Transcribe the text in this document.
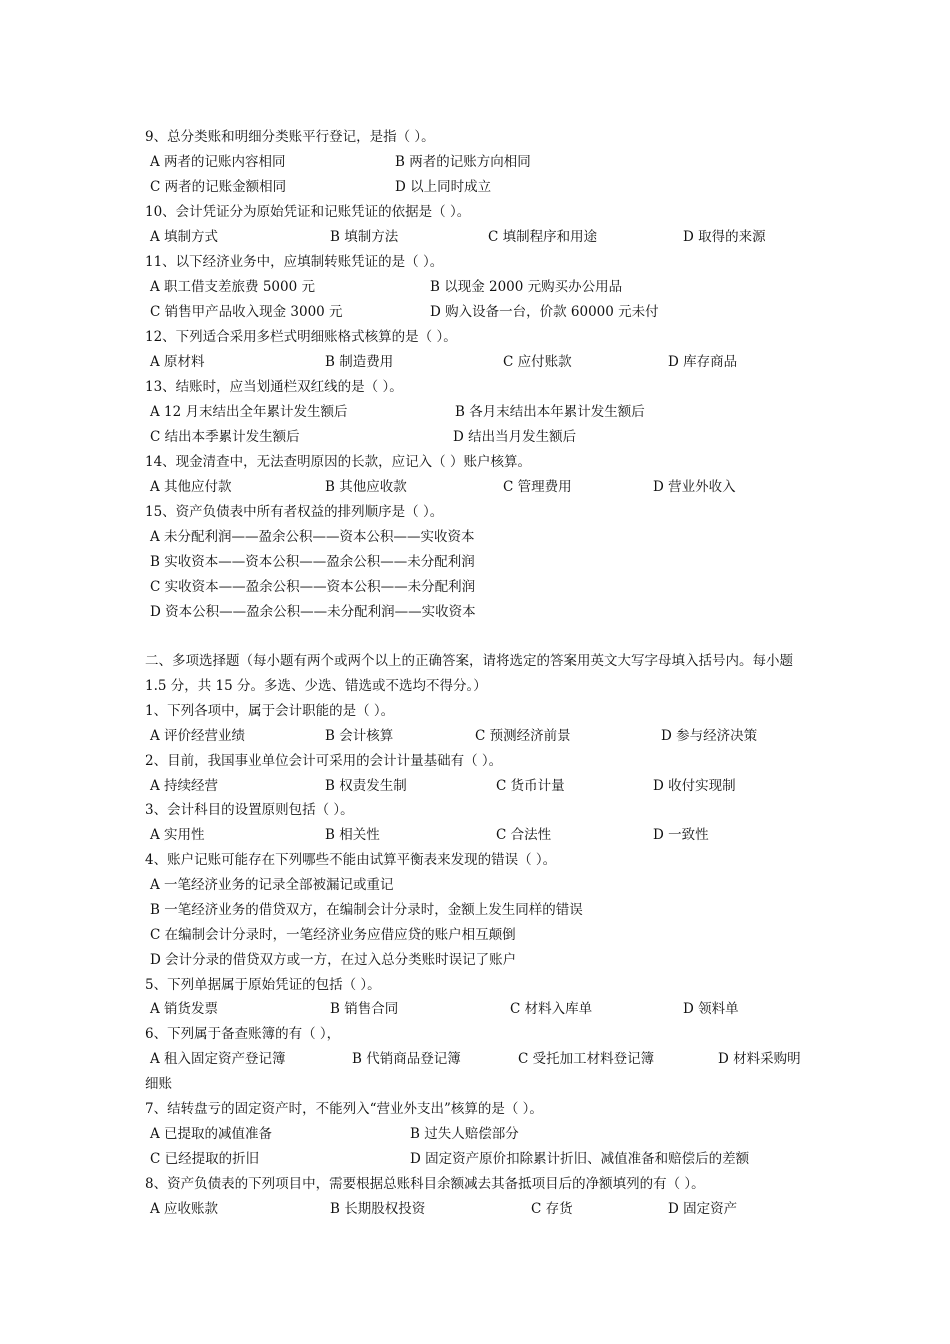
9、总分类账和明细分类账平行登记，是指（ ）。
A 两者的记账内容相同	B 两者的记账方向相同
C 两者的记账金额相同	D 以上同时成立
10、会计凭证分为原始凭证和记账凭证的依据是（ ）。
A 填制方式	B 填制方法	C 填制程序和用途	D 取得的来源
11、以下经济业务中，应填制转账凭证的是（ ）。
A 职工借支差旅费 5000 元	B 以现金 2000 元购买办公用品
C 销售甲产品收入现金 3000 元	D 购入设备一台，价款 60000 元未付
12、下列适合采用多栏式明细账格式核算的是（ ）。
A 原材料	B 制造费用	C 应付账款	D 库存商品
13、结账时，应当划通栏双红线的是（ ）。
A 12 月末结出全年累计发生额后	B 各月末结出本年累计发生额后
C 结出本季累计发生额后	D 结出当月发生额后
14、现金清查中，无法查明原因的长款，应记入（ ）账户核算。
A 其他应付款	B 其他应收款	C 管理费用	D 营业外收入
15、资产负债表中所有者权益的排列顺序是（ ）。
A 未分配利润——盈余公积——资本公积——实收资本
B 实收资本——资本公积——盈余公积——未分配利润
C 实收资本——盈余公积——资本公积——未分配利润
D 资本公积——盈余公积——未分配利润——实收资本
二、多项选择题（每小题有两个或两个以上的正确答案，请将选定的答案用英文大写字母填入括号内。每小题 1.5 分，共 15 分。多选、少选、错选或不选均不得分。）
1、下列各项中，属于会计职能的是（ ）。
A 评价经营业绩	B 会计核算	C 预测经济前景	D 参与经济决策
2、目前，我国事业单位会计可采用的会计计量基础有（ ）。
A 持续经营	B 权责发生制	C 货币计量	D 收付实现制
3、会计科目的设置原则包括（ ）。
A 实用性	B 相关性	C 合法性	D 一致性
4、账户记账可能存在下列哪些不能由试算平衡表来发现的错误（ ）。
A 一笔经济业务的记录全部被漏记或重记
B 一笔经济业务的借贷双方，在编制会计分录时，金额上发生同样的错误
C 在编制会计分录时，一笔经济业务应借应贷的账户相互颠倒
D 会计分录的借贷双方或一方，在过入总分类账时误记了账户
5、下列单据属于原始凭证的包括（ ）。
A 销货发票	B 销售合同	C 材料入库单	D 领料单
6、下列属于备查账簿的有（ ），
A 租入固定资产登记簿	B 代销商品登记簿	C 受托加工材料登记簿	D 材料采购明
细账
7、结转盘亏的固定资产时，不能列入“营业外支出”核算的是（ ）。
A 已提取的减值准备	B 过失人赔偿部分
C 已经提取的折旧	D 固定资产原价扣除累计折旧、减值准备和赔偿后的差额
8、资产负债表的下列项目中，需要根据总账科目余额减去其备抵项目后的净额填列的有（ ）。
A 应收账款	B 长期股权投资	C 存货	D 固定资产
